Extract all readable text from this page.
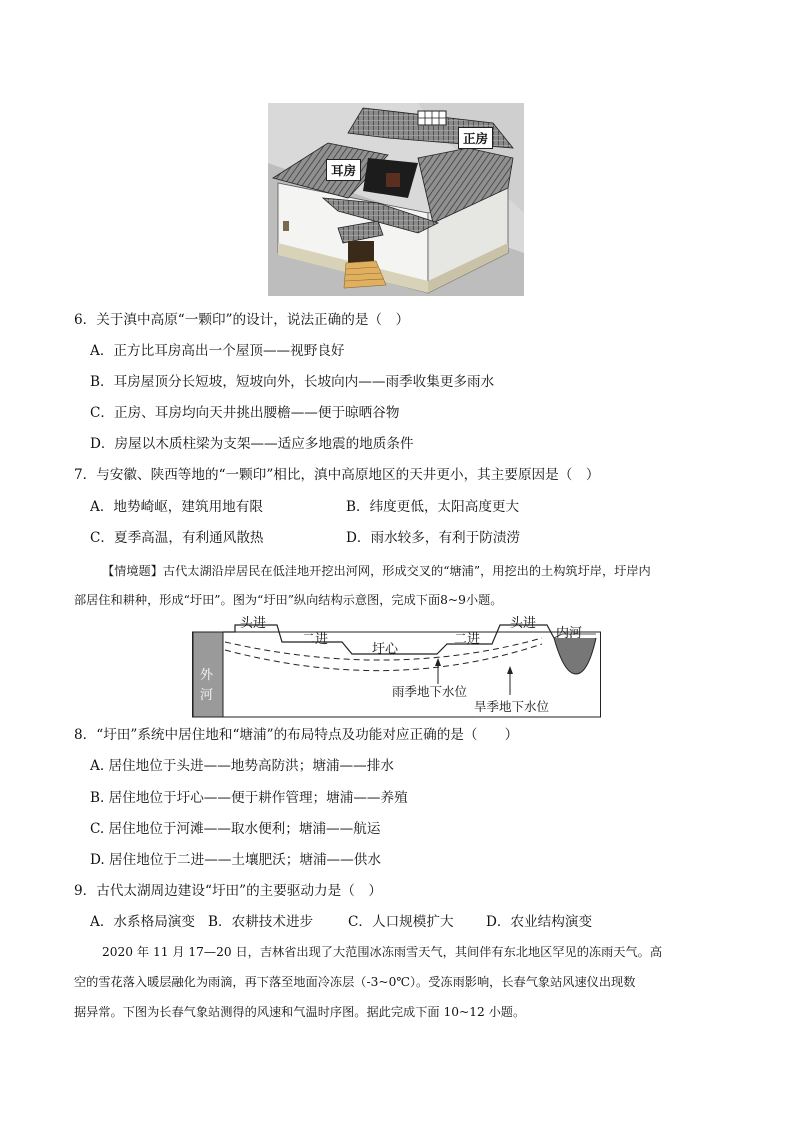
正房
耳房
6．关于滇中高原“一颗印”的设计，说法正确的是（　）
A．正方比耳房高出一个屋顶——视野良好
B．耳房屋顶分长短坡，短坡向外，长坡向内——雨季收集更多雨水
C．正房、耳房均向天井挑出腰檐——便于晾晒谷物
D．房屋以木质柱梁为支架——适应多地震的地质条件
7．与安徽、陕西等地的“一颗印”相比，滇中高原地区的天井更小，其主要原因是（　）
A．地势崎岖，建筑用地有限	B．纬度更低，太阳高度更大
C．夏季高温，有利通风散热	D．雨水较多，有利于防渍涝
【情境题】古代太湖沿岸居民在低洼地开挖出河网，形成交叉的“塘浦”，用挖出的土构筑圩岸，圩岸内
部居住和耕种，形成“圩田”。图为“圩田”纵向结构示意图，完成下面8~9小题。
外
河
头进
二进
圩心
二进
头进
内河
雨季地下水位
旱季地下水位
8．“圩田”系统中居住地和“塘浦”的布局特点及功能对应正确的是（　　）
A. 居住地位于头进——地势高防洪；塘浦——排水
B. 居住地位于圩心——便于耕作管理；塘浦——养殖
C. 居住地位于河滩——取水便利；塘浦——航运
D. 居住地位于二进——土壤肥沃；塘浦——供水
9．古代太湖周边建设“圩田”的主要驱动力是（　）
A．水系格局演变 B．农耕技术进步	C．人口规模扩大 D．农业结构演变
2020 年 11 月 17—20 日，吉林省出现了大范围冰冻雨雪天气，其间伴有东北地区罕见的冻雨天气。高
空的雪花落入暖层融化为雨滴，再下落至地面冷冻层（-3~0℃）。受冻雨影响，长春气象站风速仪出现数
据异常。下图为长春气象站测得的风速和气温时序图。据此完成下面 10~12 小题。
